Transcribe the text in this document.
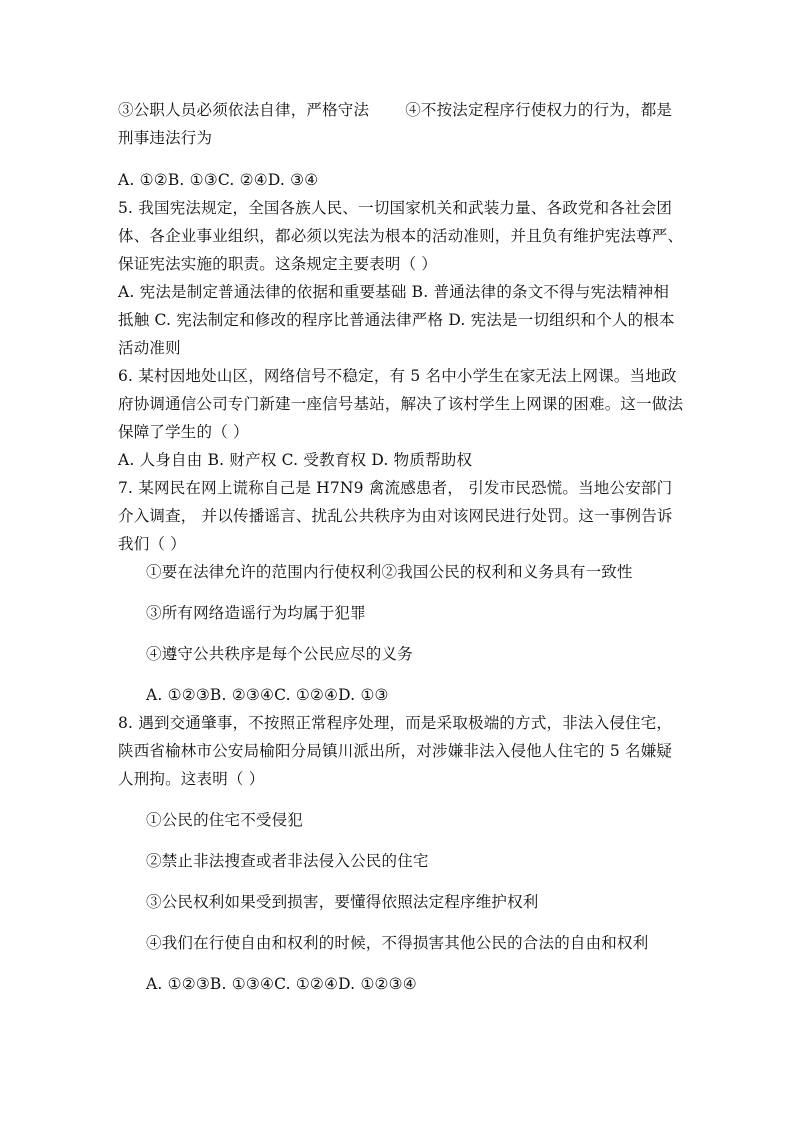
③公职人员必须依法自律，严格守法 ④不按法定程序行使权力的行为，都是刑事违法行为

A. ①②B. ①③C. ②④D. ③④

5. 我国宪法规定，全国各族人民、一切国家机关和武装力量、各政党和各社会团体、各企业事业组织，都必须以宪法为根本的活动准则，并且负有维护宪法尊严、保证宪法实施的职责。这条规定主要表明（ ）

A. 宪法是制定普通法律的依据和重要基础 B. 普通法律的条文不得与宪法精神相抵触 C. 宪法制定和修改的程序比普通法律严格 D. 宪法是一切组织和个人的根本活动准则

6. 某村因地处山区，网络信号不稳定，有 5 名中小学生在家无法上网课。当地政府协调通信公司专门新建一座信号基站，解决了该村学生上网课的困难。这一做法保障了学生的（ ）

A. 人身自由 B. 财产权 C. 受教育权 D. 物质帮助权

7. 某网民在网上谎称自己是 H7N9 禽流感患者， 引发市民恐慌。当地公安部门介入调查， 并以传播谣言、扰乱公共秩序为由对该网民进行处罚。这一事例告诉我们（ ）

①要在法律允许的范围内行使权利②我国公民的权利和义务具有一致性

③所有网络造谣行为均属于犯罪

④遵守公共秩序是每个公民应尽的义务

A. ①②③B. ②③④C. ①②④D. ①③

8. 遇到交通肇事，不按照正常程序处理，而是采取极端的方式，非法入侵住宅，陕西省榆林市公安局榆阳分局镇川派出所，对涉嫌非法入侵他人住宅的 5 名嫌疑人刑拘。这表明（ ）

①公民的住宅不受侵犯

②禁止非法搜查或者非法侵入公民的住宅

③公民权利如果受到损害，要懂得依照法定程序维护权利

④我们在行使自由和权利的时候，不得损害其他公民的合法的自由和权利

A. ①②③B. ①③④C. ①②④D. ①②③④
